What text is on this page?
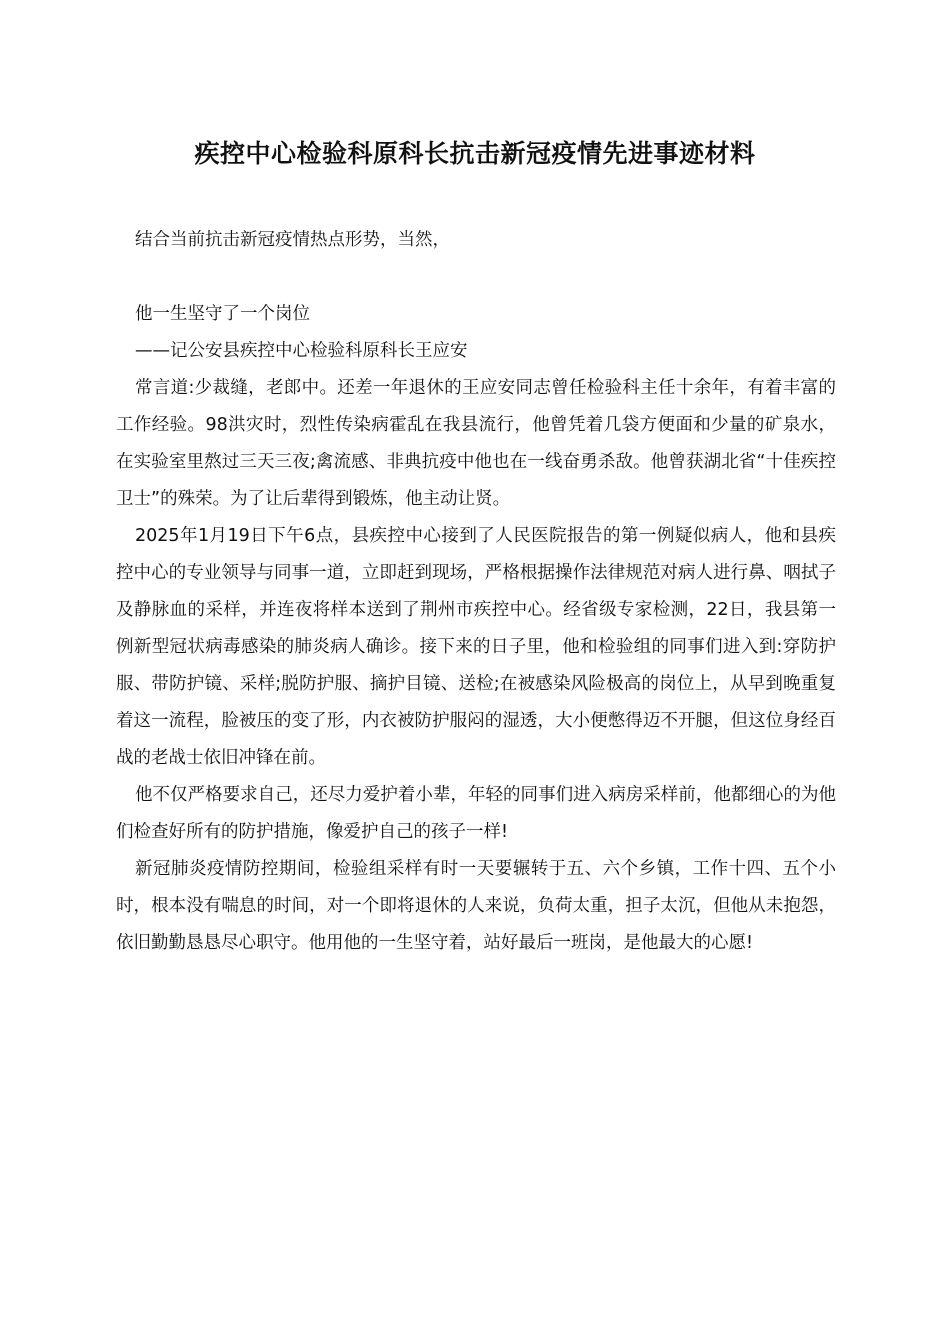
疾控中心检验科原科长抗击新冠疫情先进事迹材料

结合当前抗击新冠疫情热点形势，当然，

他一生坚守了一个岗位

——记公安县疾控中心检验科原科长王应安

常言道:少裁缝，老郎中。还差一年退休的王应安同志曾任检验科主任十余年，有着丰富的工作经验。98洪灾时，烈性传染病霍乱在我县流行，他曾凭着几袋方便面和少量的矿泉水，在实验室里熬过三天三夜;禽流感、非典抗疫中他也在一线奋勇杀敌。他曾获湖北省“十佳疾控卫士”的殊荣。为了让后辈得到锻炼，他主动让贤。

2025年1月19日下午6点，县疾控中心接到了人民医院报告的第一例疑似病人，他和县疾控中心的专业领导与同事一道，立即赶到现场，严格根据操作法律规范对病人进行鼻、咽拭子及静脉血的采样，并连夜将样本送到了荆州市疾控中心。经省级专家检测，22日，我县第一例新型冠状病毒感染的肺炎病人确诊。接下来的日子里，他和检验组的同事们进入到:穿防护服、带防护镜、采样;脱防护服、摘护目镜、送检;在被感染风险极高的岗位上，从早到晚重复着这一流程，脸被压的变了形，内衣被防护服闷的湿透，大小便憋得迈不开腿，但这位身经百战的老战士依旧冲锋在前。

他不仅严格要求自己，还尽力爱护着小辈，年轻的同事们进入病房采样前，他都细心的为他们检查好所有的防护措施，像爱护自己的孩子一样!

新冠肺炎疫情防控期间，检验组采样有时一天要辗转于五、六个乡镇，工作十四、五个小时，根本没有喘息的时间，对一个即将退休的人来说，负荷太重，担子太沉，但他从未抱怨，依旧勤勤恳恳尽心职守。他用他的一生坚守着，站好最后一班岗，是他最大的心愿!
